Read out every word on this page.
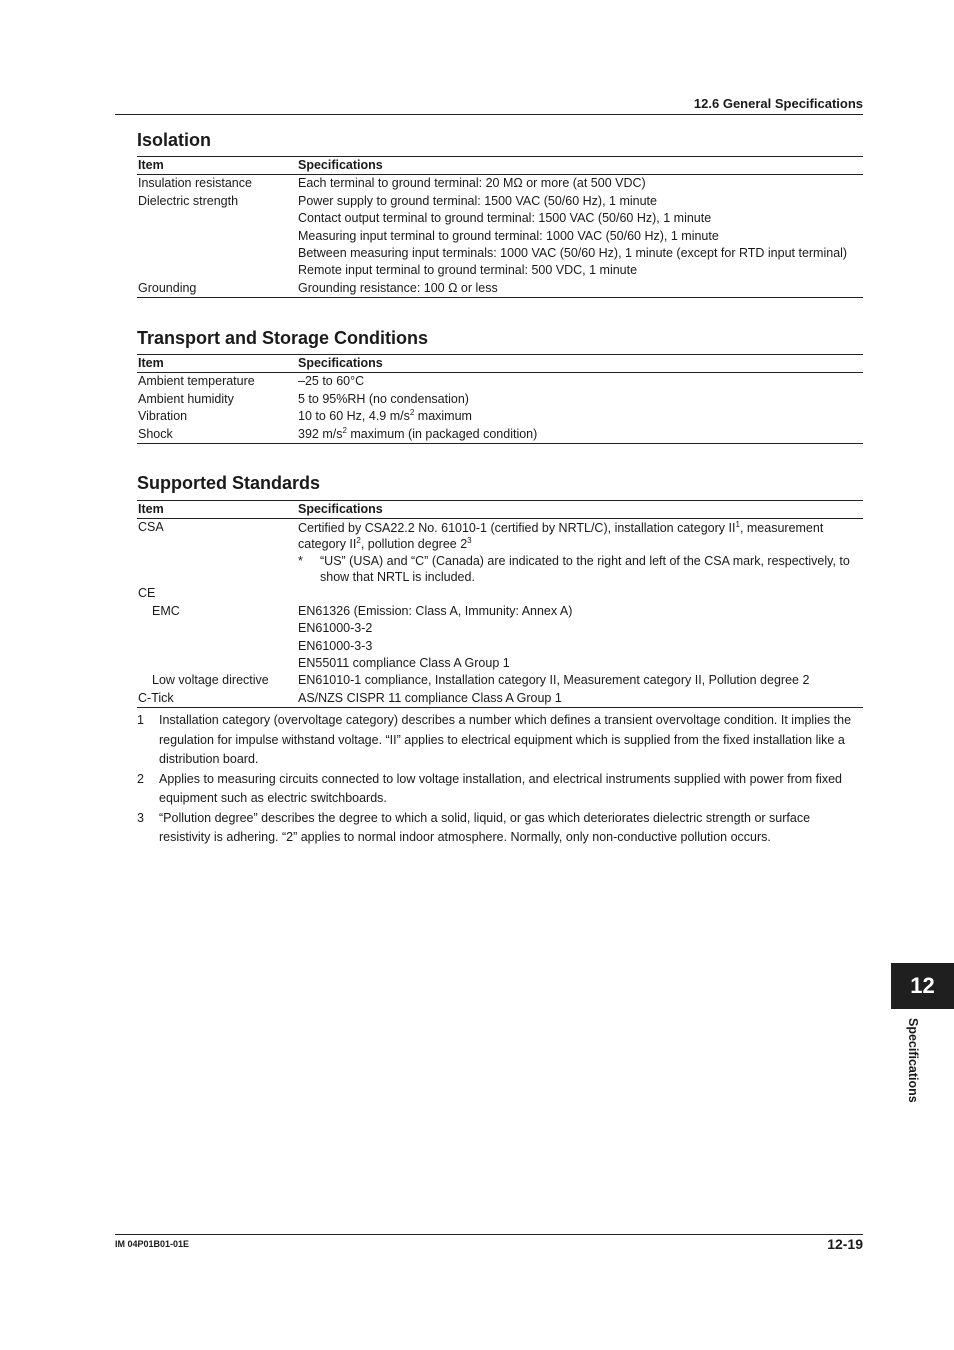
12.6 General Specifications
Isolation
Item	Specifications
Insulation resistance	Each terminal to ground terminal: 20 MΩ or more (at 500 VDC)
Dielectric strength	Power supply to ground terminal: 1500 VAC (50/60 Hz), 1 minute
	Contact output terminal to ground terminal: 1500 VAC (50/60 Hz), 1 minute
	Measuring input terminal to ground terminal: 1000 VAC (50/60 Hz), 1 minute
	Between measuring input terminals: 1000 VAC (50/60 Hz), 1 minute (except for RTD input terminal)
	Remote input terminal to ground terminal: 500 VDC, 1 minute
Grounding	Grounding resistance: 100 Ω or less
Transport and Storage Conditions
Item	Specifications
Ambient temperature	–25 to 60°C
Ambient humidity	5 to 95%RH (no condensation)
Vibration	10 to 60 Hz, 4.9 $m/s^2$ maximum
Shock	392 $m/s^2$ maximum (in packaged condition)
Supported Standards
Item	Specifications
CSA	Certified by CSA22.2 No. 61010-1 (certified by NRTL/C), installation category $II^1$, measurement category $II^2$, pollution degree $2^3$
* “US” (USA) and “C” (Canada) are indicated to the right and left of the CSA mark, respectively, to show that NRTL is included.

CE	
EMC	EN61326 (Emission: Class A, Immunity: Annex A)
	EN61000-3-2
	EN61000-3-3
	EN55011 compliance Class A Group 1
Low voltage directive	EN61010-1 compliance, Installation category II, Measurement category II, Pollution degree 2
C-Tick	AS/NZS CISPR 11 compliance Class A Group 1
1	Installation category (overvoltage category) describes a number which defines a transient overvoltage condition. It implies the regulation for impulse withstand voltage. “II” applies to electrical equipment which is supplied from the fixed installation like a distribution board.
2	Applies to measuring circuits connected to low voltage installation, and electrical instruments supplied with power from fixed equipment such as electric switchboards.
3	“Pollution degree” describes the degree to which a solid, liquid, or gas which deteriorates dielectric strength or surface resistivity is adhering. “2” applies to normal indoor atmosphere. Normally, only non-conductive pollution occurs.
12
Specifications
IM 04P01B01-01E	12-19
